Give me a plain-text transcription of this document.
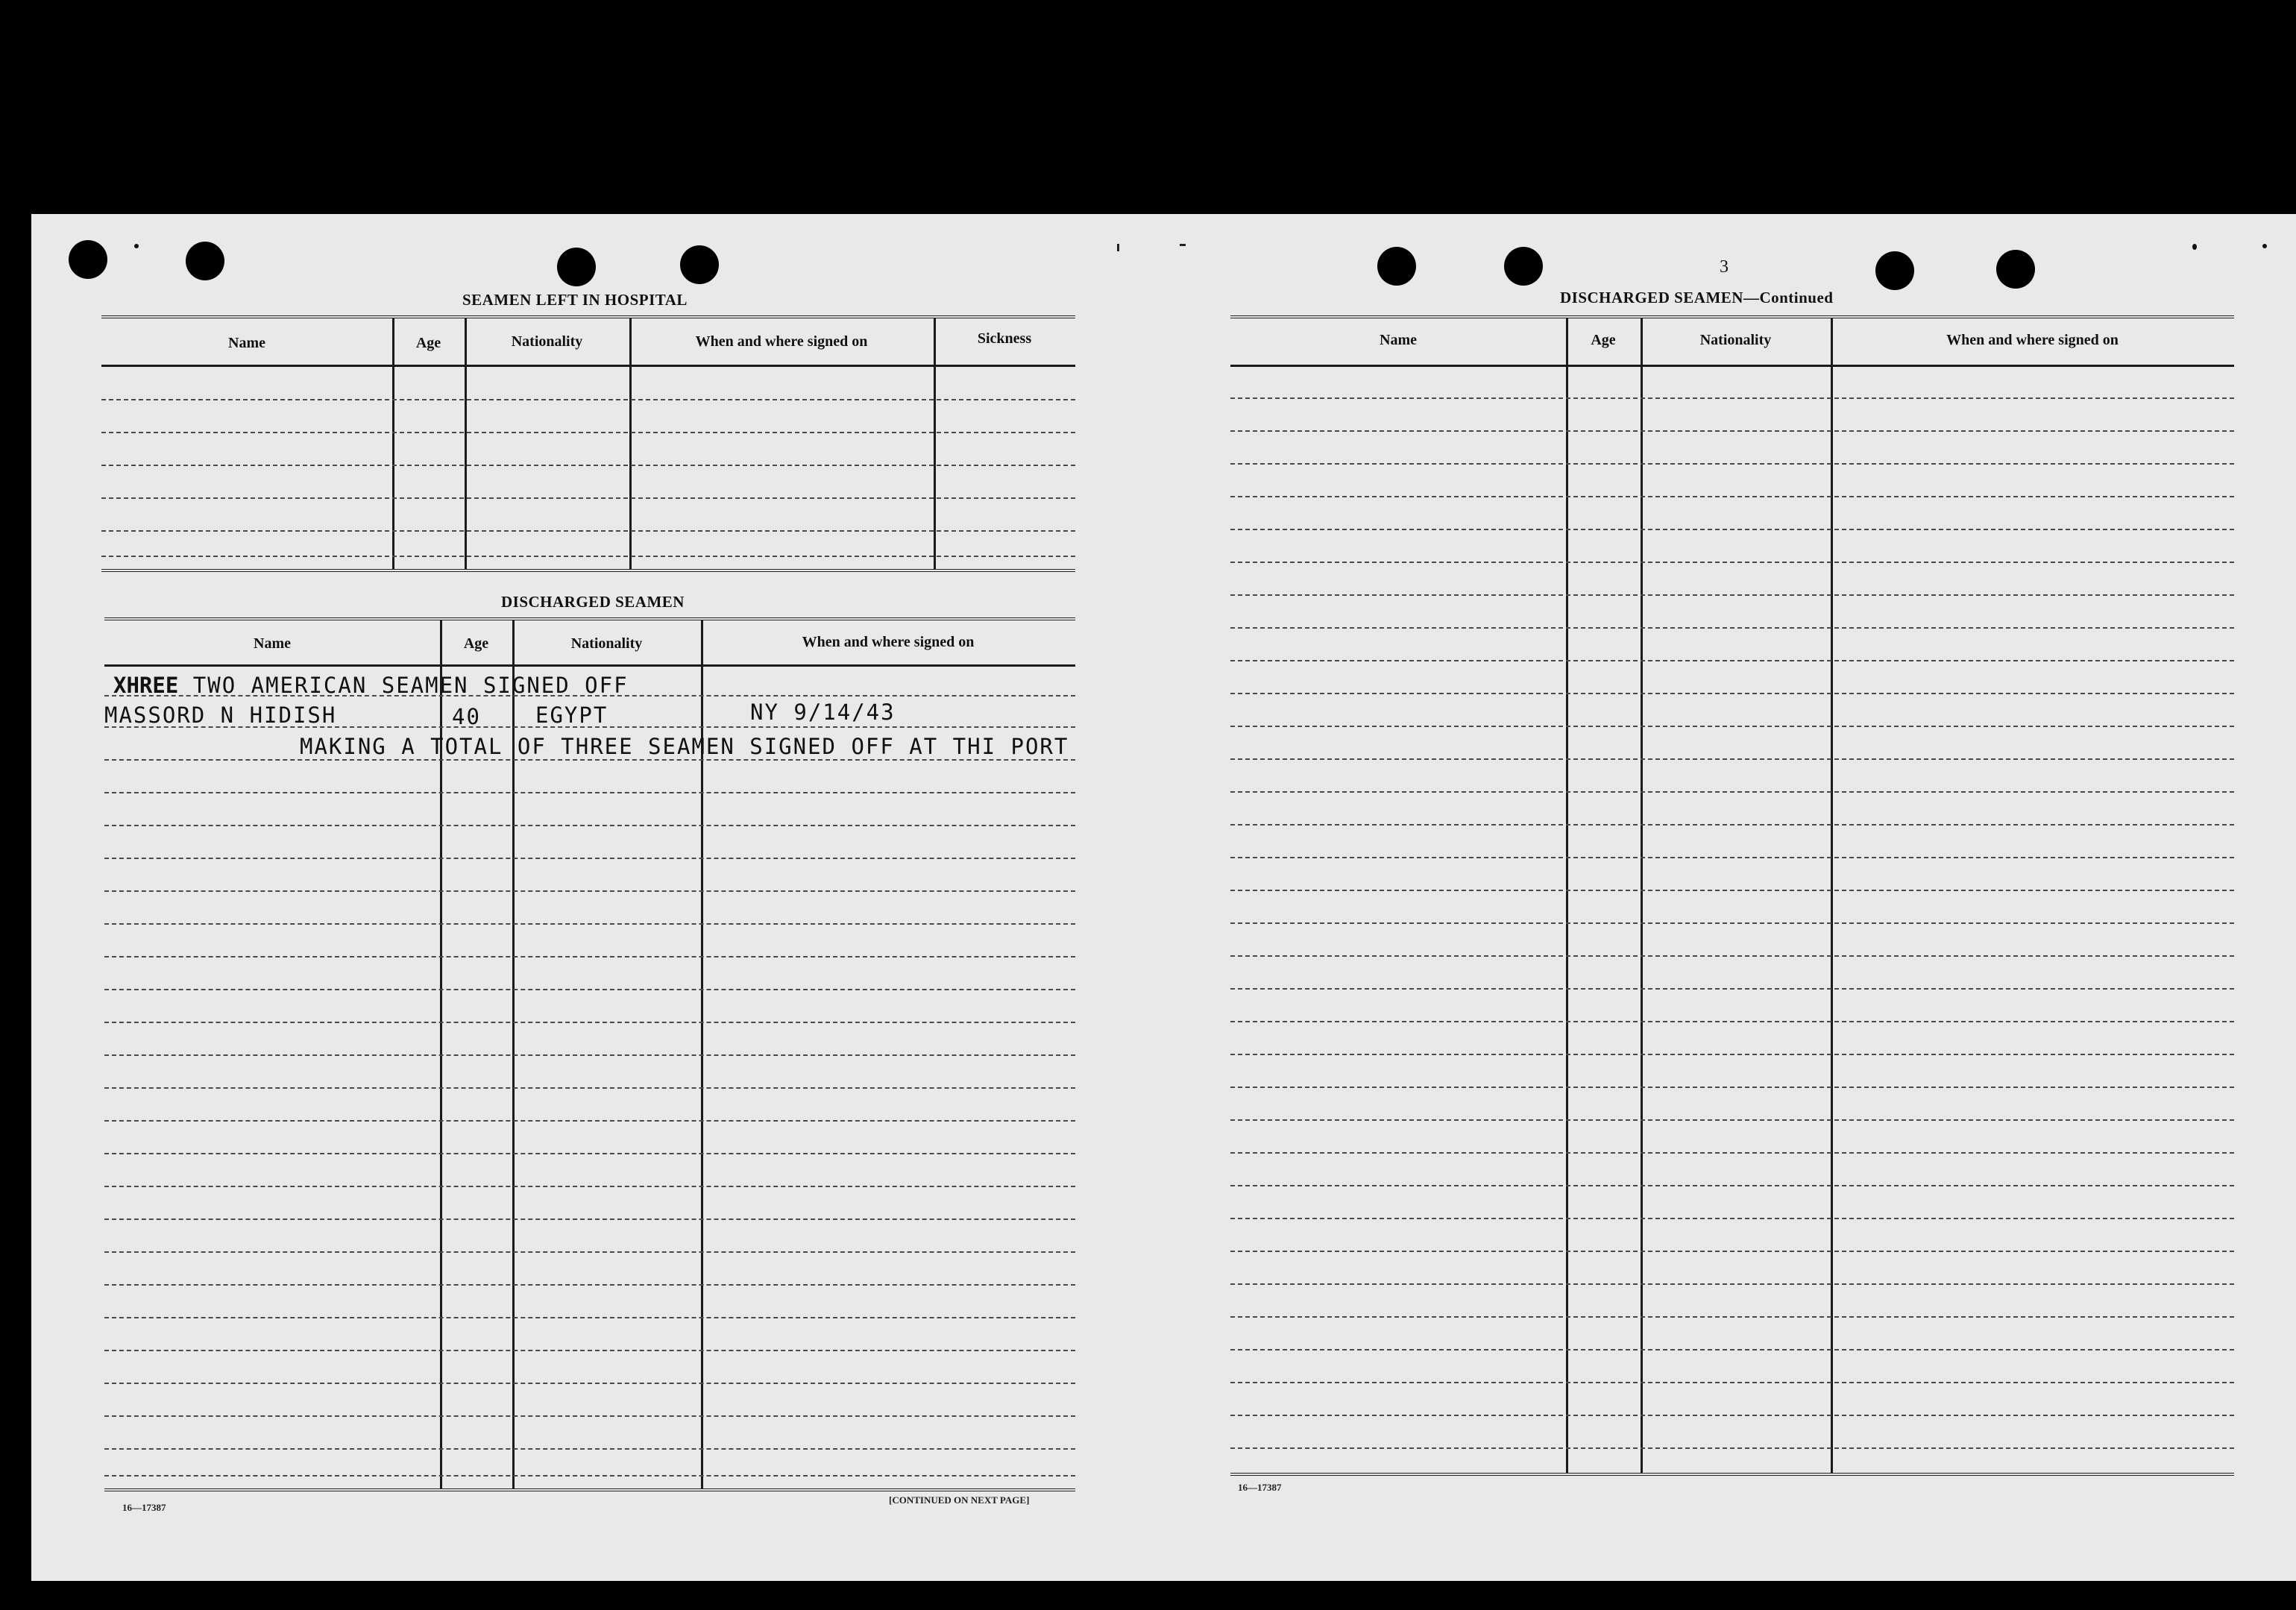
SEAMEN LEFT IN HOSPITAL
Name	Age	Nationality	When and where signed on	Sickness
DISCHARGED SEAMEN
Name	Age	Nationality	When and where signed on
XHREE TWO AMERICAN SEAMEN SIGNED OFF
MASSORD N HIDISH	40	EGYPT	NY 9/14/43
MAKING A TOTAL OF THREE SEAMEN SIGNED OFF AT THI PORT
16—17387
[CONTINUED ON NEXT PAGE]
3
DISCHARGED SEAMEN—Continued
Name	Age	Nationality	When and where signed on
16—17387
